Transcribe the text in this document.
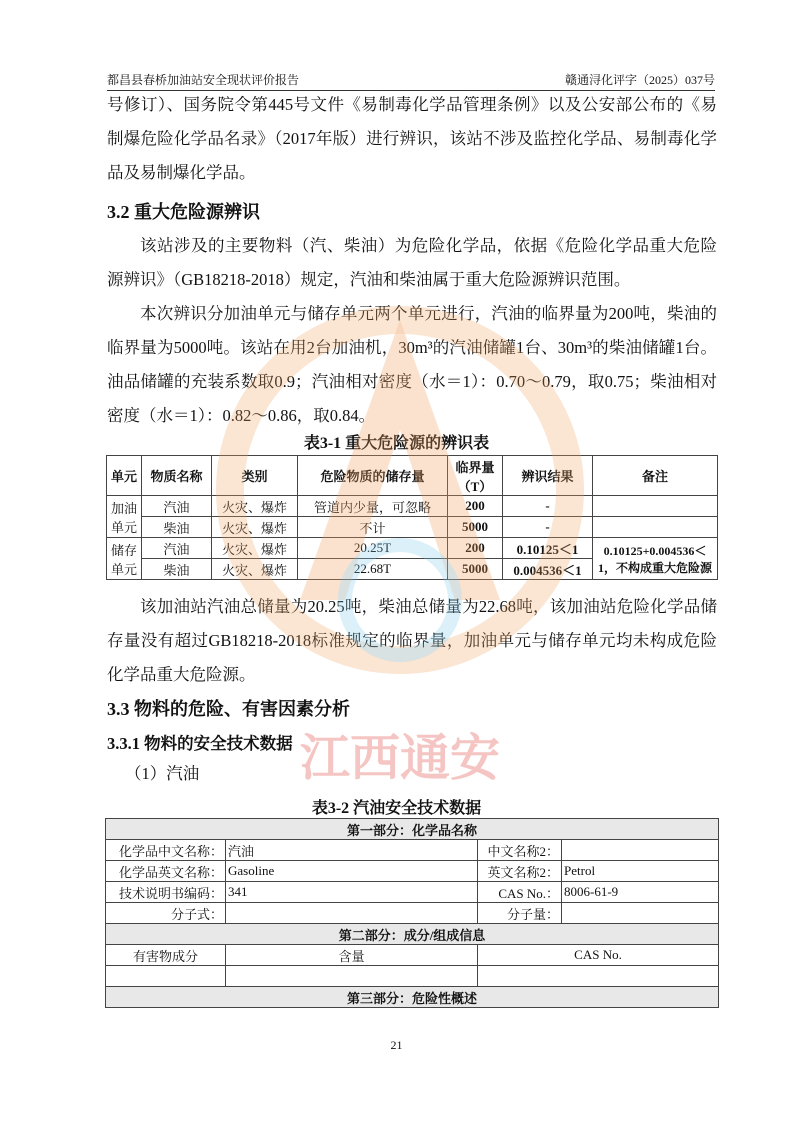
都昌县春桥加油站安全现状评价报告	赣通浔化评字（2025）037号
号修订）、国务院令第445号文件《易制毒化学品管理条例》以及公安部公布的《易制爆危险化学品名录》（2017年版）进行辨识，该站不涉及监控化学品、易制毒化学品及易制爆化学品。
3.2 重大危险源辨识
该站涉及的主要物料（汽、柴油）为危险化学品，依据《危险化学品重大危险源辨识》（GB18218-2018）规定，汽油和柴油属于重大危险源辨识范围。
本次辨识分加油单元与储存单元两个单元进行，汽油的临界量为200吨，柴油的临界量为5000吨。该站在用2台加油机，30m³的汽油储罐1台、30m³的柴油储罐1台。油品储罐的充装系数取0.9；汽油相对密度（水＝1）：0.70～0.79，取0.75；柴油相对密度（水＝1）：0.82～0.86，取0.84。
表3-1 重大危险源的辨识表
单元	物质名称	类别	危险物质的储存量	临界量（T）	辨识结果	备注
加油单元	汽油	火灾、爆炸	管道内少量，可忽略	200	-	
	柴油	火灾、爆炸	不计	5000	-	
储存单元	汽油	火灾、爆炸	20.25T	200	0.10125＜1	0.10125+0.004536＜1，不构成重大危险源
	柴油	火灾、爆炸	22.68T	5000	0.004536＜1	
该加油站汽油总储量为20.25吨，柴油总储量为22.68吨，该加油站危险化学品储存量没有超过GB18218-2018标准规定的临界量，加油单元与储存单元均未构成危险化学品重大危险源。
3.3 物料的危险、有害因素分析
3.3.1 物料的安全技术数据
（1）汽油
表3-2 汽油安全技术数据
第一部分：化学品名称			
化学品中文名称：	汽油	中文名称2：	
化学品英文名称：	Gasoline	英文名称2：	Petrol
技术说明书编码：	341	CAS No.：	8006-61-9
分子式：		分子量：	
第二部分：成分/组成信息			
有害物成分	含量	CAS No.	

第三部分：危险性概述			
江西通安
21
